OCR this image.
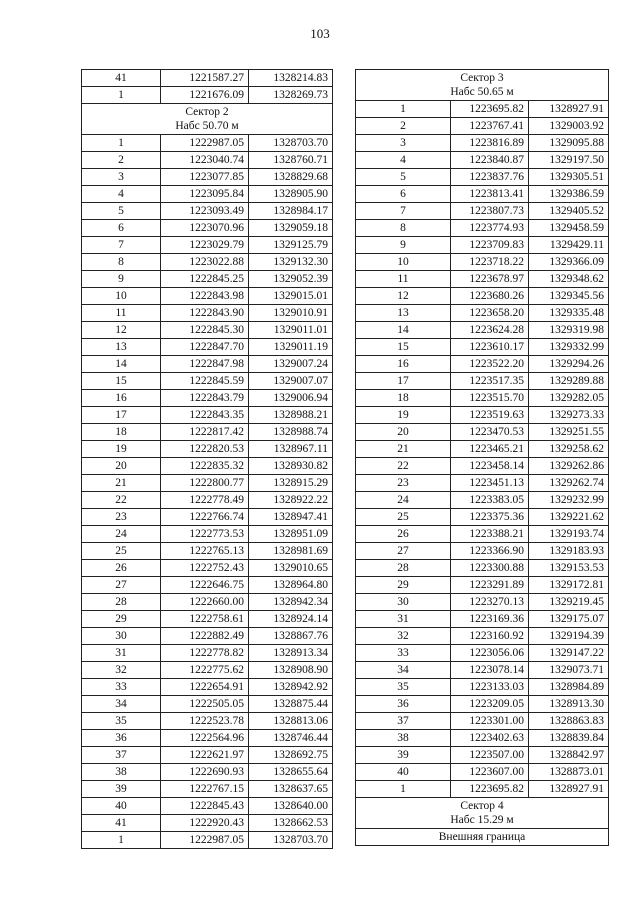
103
41	1221587.27	1328214.83
1	1221676.09	1328269.73

Сектор 2
Набс 50.70 м		

1	1222987.05	1328703.70
2	1223040.74	1328760.71
3	1223077.85	1328829.68
4	1223095.84	1328905.90
5	1223093.49	1328984.17
6	1223070.96	1329059.18
7	1223029.79	1329125.79
8	1223022.88	1329132.30
9	1222845.25	1329052.39
10	1222843.98	1329015.01
11	1222843.90	1329010.91
12	1222845.30	1329011.01
13	1222847.70	1329011.19
14	1222847.98	1329007.24
15	1222845.59	1329007.07
16	1222843.79	1329006.94
17	1222843.35	1328988.21
18	1222817.42	1328988.74
19	1222820.53	1328967.11
20	1222835.32	1328930.82
21	1222800.77	1328915.29
22	1222778.49	1328922.22
23	1222766.74	1328947.41
24	1222773.53	1328951.09
25	1222765.13	1328981.69
26	1222752.43	1329010.65
27	1222646.75	1328964.80
28	1222660.00	1328942.34
29	1222758.61	1328924.14
30	1222882.49	1328867.76
31	1222778.82	1328913.34
32	1222775.62	1328908.90
33	1222654.91	1328942.92
34	1222505.05	1328875.44
35	1222523.78	1328813.06
36	1222564.96	1328746.44
37	1222621.97	1328692.75
38	1222690.93	1328655.64
39	1222767.15	1328637.65
40	1222845.43	1328640.00
41	1222920.43	1328662.53
1	1222987.05	1328703.70
Сектор 3
Набс 50.65 м		

1	1223695.82	1328927.91
2	1223767.41	1329003.92
3	1223816.89	1329095.88
4	1223840.87	1329197.50
5	1223837.76	1329305.51
6	1223813.41	1329386.59
7	1223807.73	1329405.52
8	1223774.93	1329458.59
9	1223709.83	1329429.11
10	1223718.22	1329366.09
11	1223678.97	1329348.62
12	1223680.26	1329345.56
13	1223658.20	1329335.48
14	1223624.28	1329319.98
15	1223610.17	1329332.99
16	1223522.20	1329294.26
17	1223517.35	1329289.88
18	1223515.70	1329282.05
19	1223519.63	1329273.33
20	1223470.53	1329251.55
21	1223465.21	1329258.62
22	1223458.14	1329262.86
23	1223451.13	1329262.74
24	1223383.05	1329232.99
25	1223375.36	1329221.62
26	1223388.21	1329193.74
27	1223366.90	1329183.93
28	1223300.88	1329153.53
29	1223291.89	1329172.81
30	1223270.13	1329219.45
31	1223169.36	1329175.07
32	1223160.92	1329194.39
33	1223056.06	1329147.22
34	1223078.14	1329073.71
35	1223133.03	1328984.89
36	1223209.05	1328913.30
37	1223301.00	1328863.83
38	1223402.63	1328839.84
39	1223507.00	1328842.97
40	1223607.00	1328873.01
1	1223695.82	1328927.91

Сектор 4
Набс 15.29 м		

Внешняя граница		
